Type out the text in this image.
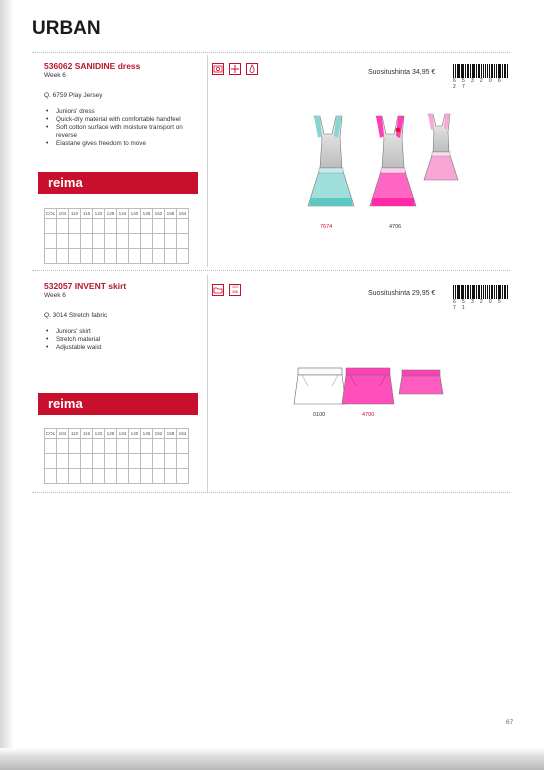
URBAN
536062 SANIDINE dress
Week 6
Q. 6759 Play Jersey
• Juniors' dress
• Quick-dry material with comfortable handfeel
• Soft cotton surface with moisture transport on reverse
• Elastane gives freedom to move
reima
COL	104	110	116	122	128	134	140	146	152	158	164

Suositushinta 34,95 €
6 5 3 2 0 6 2 7
7674	4706
532057 INVENT skirt
Week 6
Q. 3014 Stretch fabric
• Juniors' skirt
• Stretch material
• Adjustable waist
reima
COL	104	110	116	122	128	134	140	146	152	158	164

123
456	Suositushinta 29,95 €
6 5 3 2 0 5 7 1
0100	4700
67
